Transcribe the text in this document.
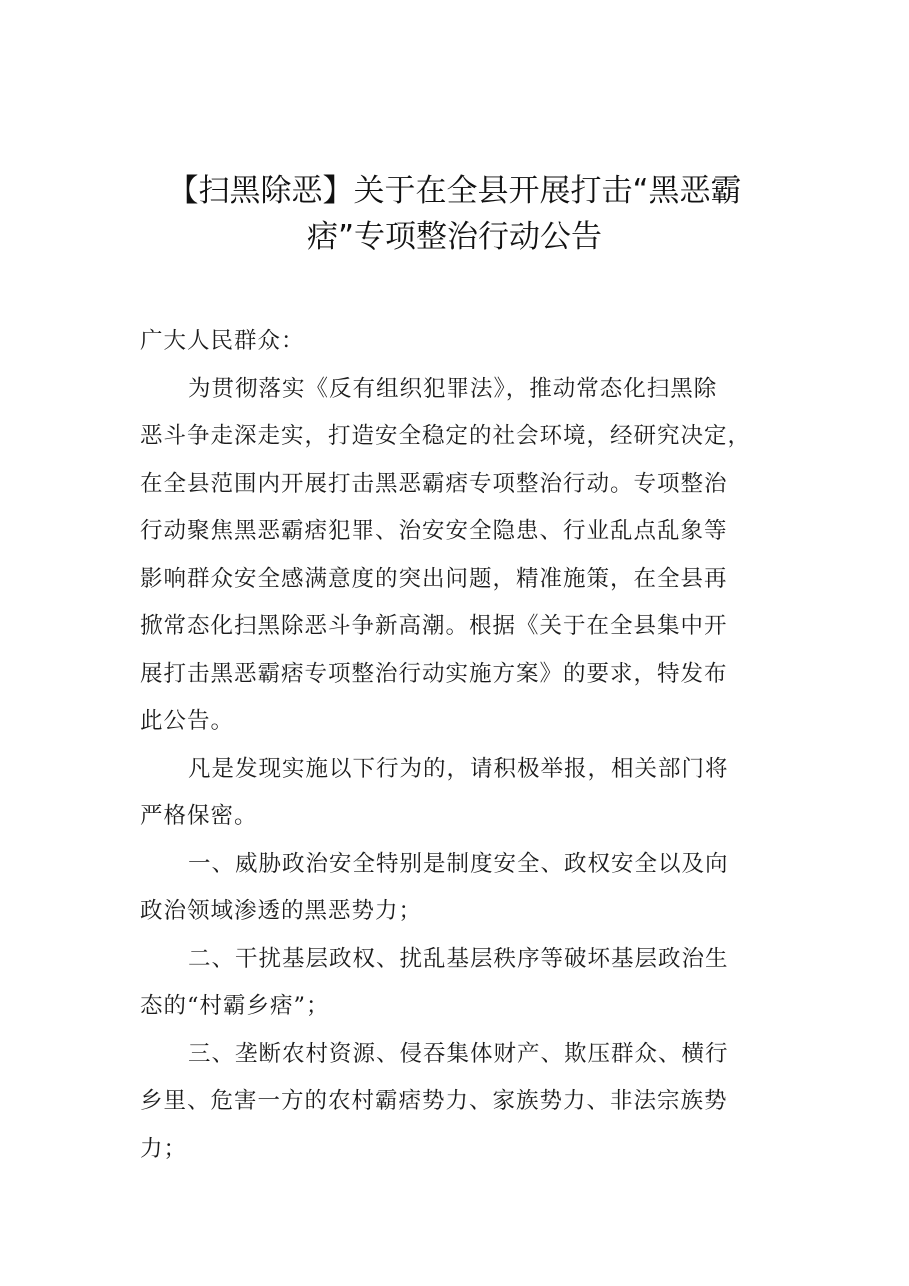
【扫黑除恶】关于在全县开展打击“黑恶霸
痞”专项整治行动公告
广大人民群众：
为贯彻落实《反有组织犯罪法》，推动常态化扫黑除
恶斗争走深走实，打造安全稳定的社会环境，经研究决定，
在全县范围内开展打击黑恶霸痞专项整治行动。专项整治
行动聚焦黑恶霸痞犯罪、治安安全隐患、行业乱点乱象等
影响群众安全感满意度的突出问题，精准施策，在全县再
掀常态化扫黑除恶斗争新高潮。根据《关于在全县集中开
展打击黑恶霸痞专项整治行动实施方案》的要求，特发布
此公告。
凡是发现实施以下行为的，请积极举报，相关部门将
严格保密。
一、威胁政治安全特别是制度安全、政权安全以及向
政治领域渗透的黑恶势力；
二、干扰基层政权、扰乱基层秩序等破坏基层政治生
态的“村霸乡痞”；
三、垄断农村资源、侵吞集体财产、欺压群众、横行
乡里、危害一方的农村霸痞势力、家族势力、非法宗族势
力；
